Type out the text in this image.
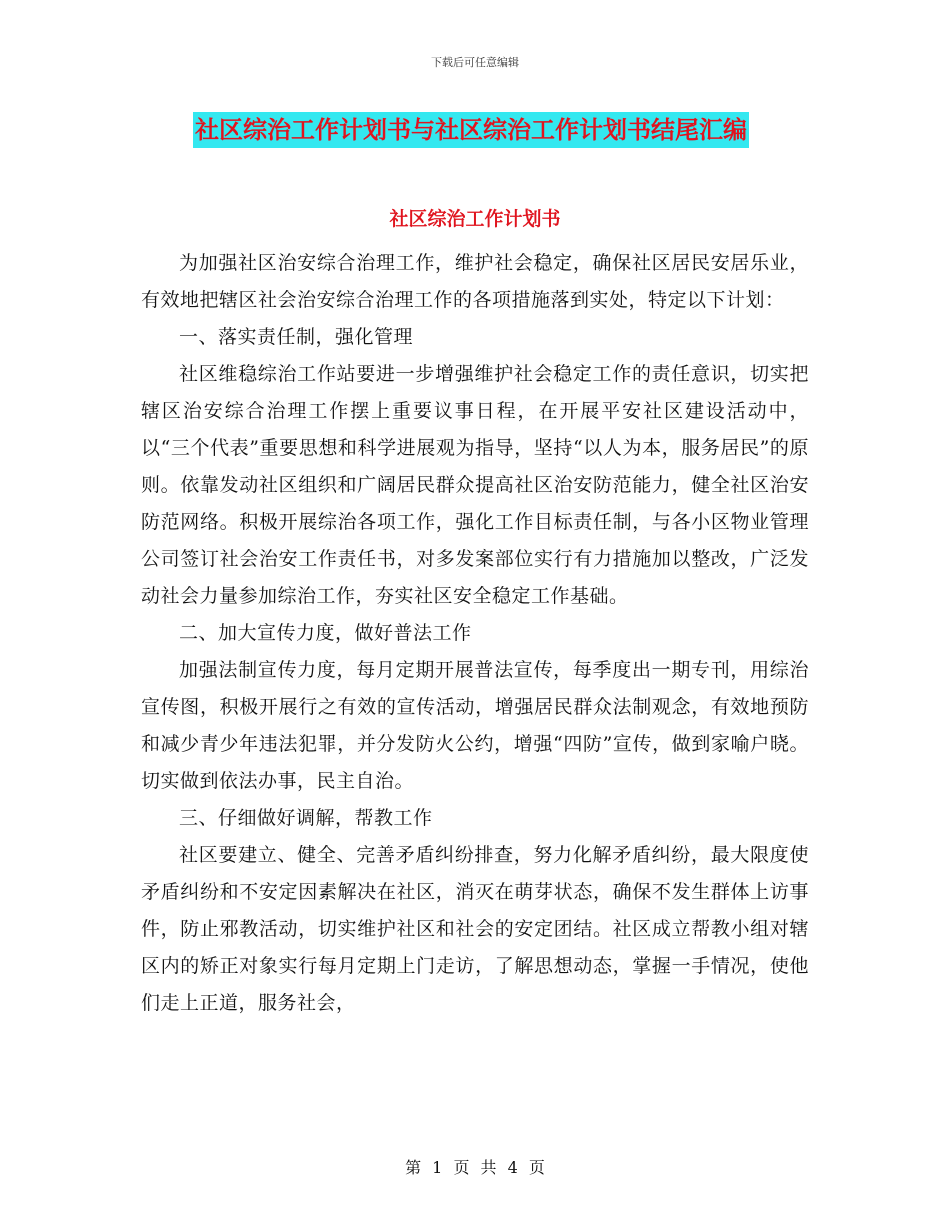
下载后可任意编辑
社区综治工作计划书与社区综治工作计划书结尾汇编
社区综治工作计划书

为加强社区治安综合治理工作，维护社会稳定，确保社区居民安居乐业，有效地把辖区社会治安综合治理工作的各项措施落到实处，特定以下计划：

一、落实责任制，强化管理

社区维稳综治工作站要进一步增强维护社会稳定工作的责任意识，切实把辖区治安综合治理工作摆上重要议事日程，在开展平安社区建设活动中，以“三个代表”重要思想和科学进展观为指导，坚持“以人为本，服务居民”的原则。依靠发动社区组织和广阔居民群众提高社区治安防范能力，健全社区治安防范网络。积极开展综治各项工作，强化工作目标责任制，与各小区物业管理公司签订社会治安工作责任书，对多发案部位实行有力措施加以整改，广泛发动社会力量参加综治工作，夯实社区安全稳定工作基础。

二、加大宣传力度，做好普法工作

加强法制宣传力度，每月定期开展普法宣传，每季度出一期专刊，用综治宣传图，积极开展行之有效的宣传活动，增强居民群众法制观念，有效地预防和减少青少年违法犯罪，并分发防火公约，增强“四防”宣传，做到家喻户晓。切实做到依法办事，民主自治。

三、仔细做好调解，帮教工作

社区要建立、健全、完善矛盾纠纷排查，努力化解矛盾纠纷，最大限度使矛盾纠纷和不安定因素解决在社区，消灭在萌芽状态，确保不发生群体上访事件，防止邪教活动，切实维护社区和社会的安定团结。社区成立帮教小组对辖区内的矫正对象实行每月定期上门走访，了解思想动态，掌握一手情况，使他们走上正道，服务社会，

第 1 页 共 4 页
